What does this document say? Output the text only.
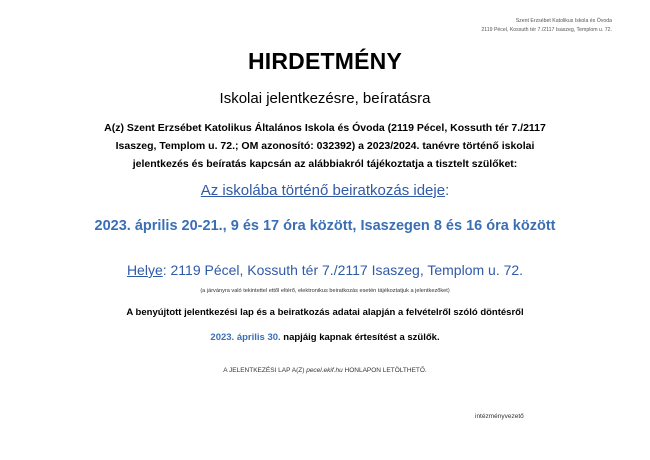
Szent Erzsébet Katolikus Iskola és Óvoda
2119 Pécel, Kossuth tér 7./2117 Isaszeg, Templom u. 72.
HIRDETMÉNY
Iskolai jelentkezésre, beíratásra
A(z) Szent Erzsébet Katolikus Általános Iskola és Óvoda (2119 Pécel, Kossuth tér 7./2117 Isaszeg, Templom u. 72.; OM azonosító: 032392) a 2023/2024. tanévre történő iskolai jelentkezés és beíratás kapcsán az alábbiakról tájékoztatja a tisztelt szülőket:
Az iskolába történő beiratkozás ideje:
2023. április 20-21., 9 és 17 óra között, Isaszegen 8 és 16 óra között
Helye: 2119 Pécel, Kossuth tér 7./2117 Isaszeg, Templom u. 72.
(a járványra való tekintettel ettől eltérő, elektronikus beiratkozás esetén tájékoztatjuk a jelentkezőket)
A benyújtott jelentkezési lap és a beiratkozás adatai alapján a felvételről szóló döntésről
2023. április 30. napjáig kapnak értesítést a szülők.
A JELENTKEZÉSI LAP A(Z) pecel.ekif.hu HONLAPON LETÖLTHETŐ.
intézményvezető
